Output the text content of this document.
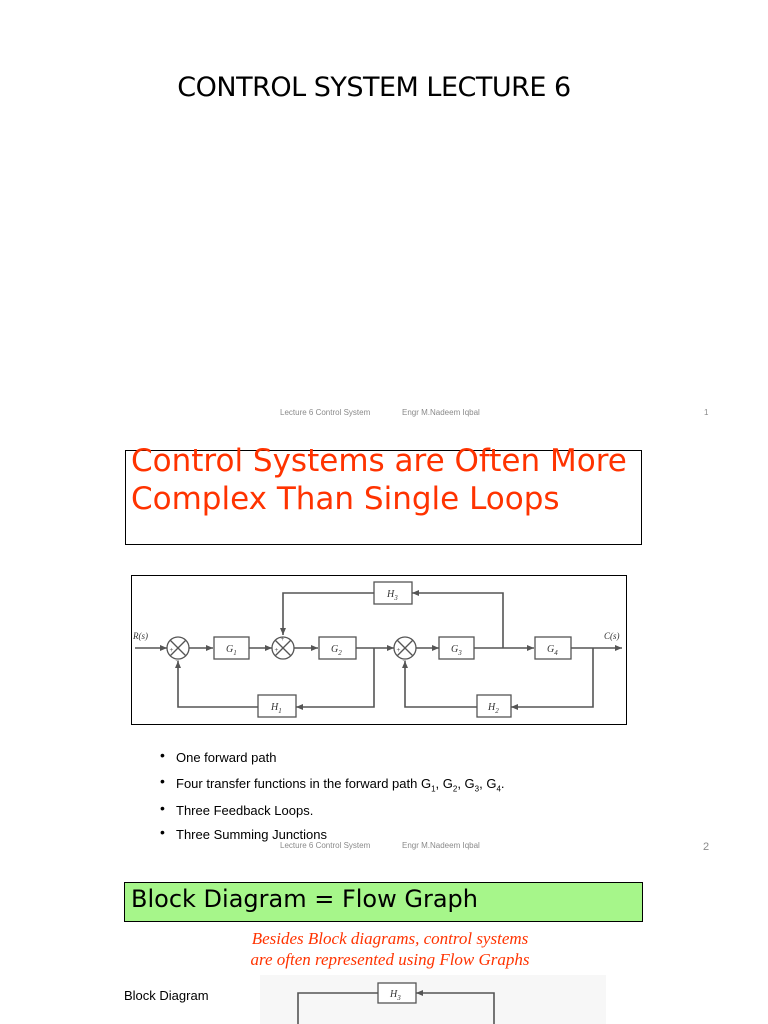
CONTROL SYSTEM LECTURE 6
Lecture 6 Control System	Engr M.Nadeem Iqbal	1
Control Systems are Often More Complex Than Single Loops
+
−
+
+	+
−
$G_1$	$G_2$	$G_3$	$G_4$
$H_3$
$H_1$	$H_2$
R(s)	C(s)
• One forward path
• Four transfer functions in the forward path $G_1$, $G_2$, $G_3$, $G_4$.
• Three Feedback Loops.
• Three Summing Junctions
Lecture 6 Control System	Engr M.Nadeem Iqbal	2
Block Diagram = Flow Graph
Besides Block diagrams, control systems
are often represented using Flow Graphs
Block Diagram	$H_3$
